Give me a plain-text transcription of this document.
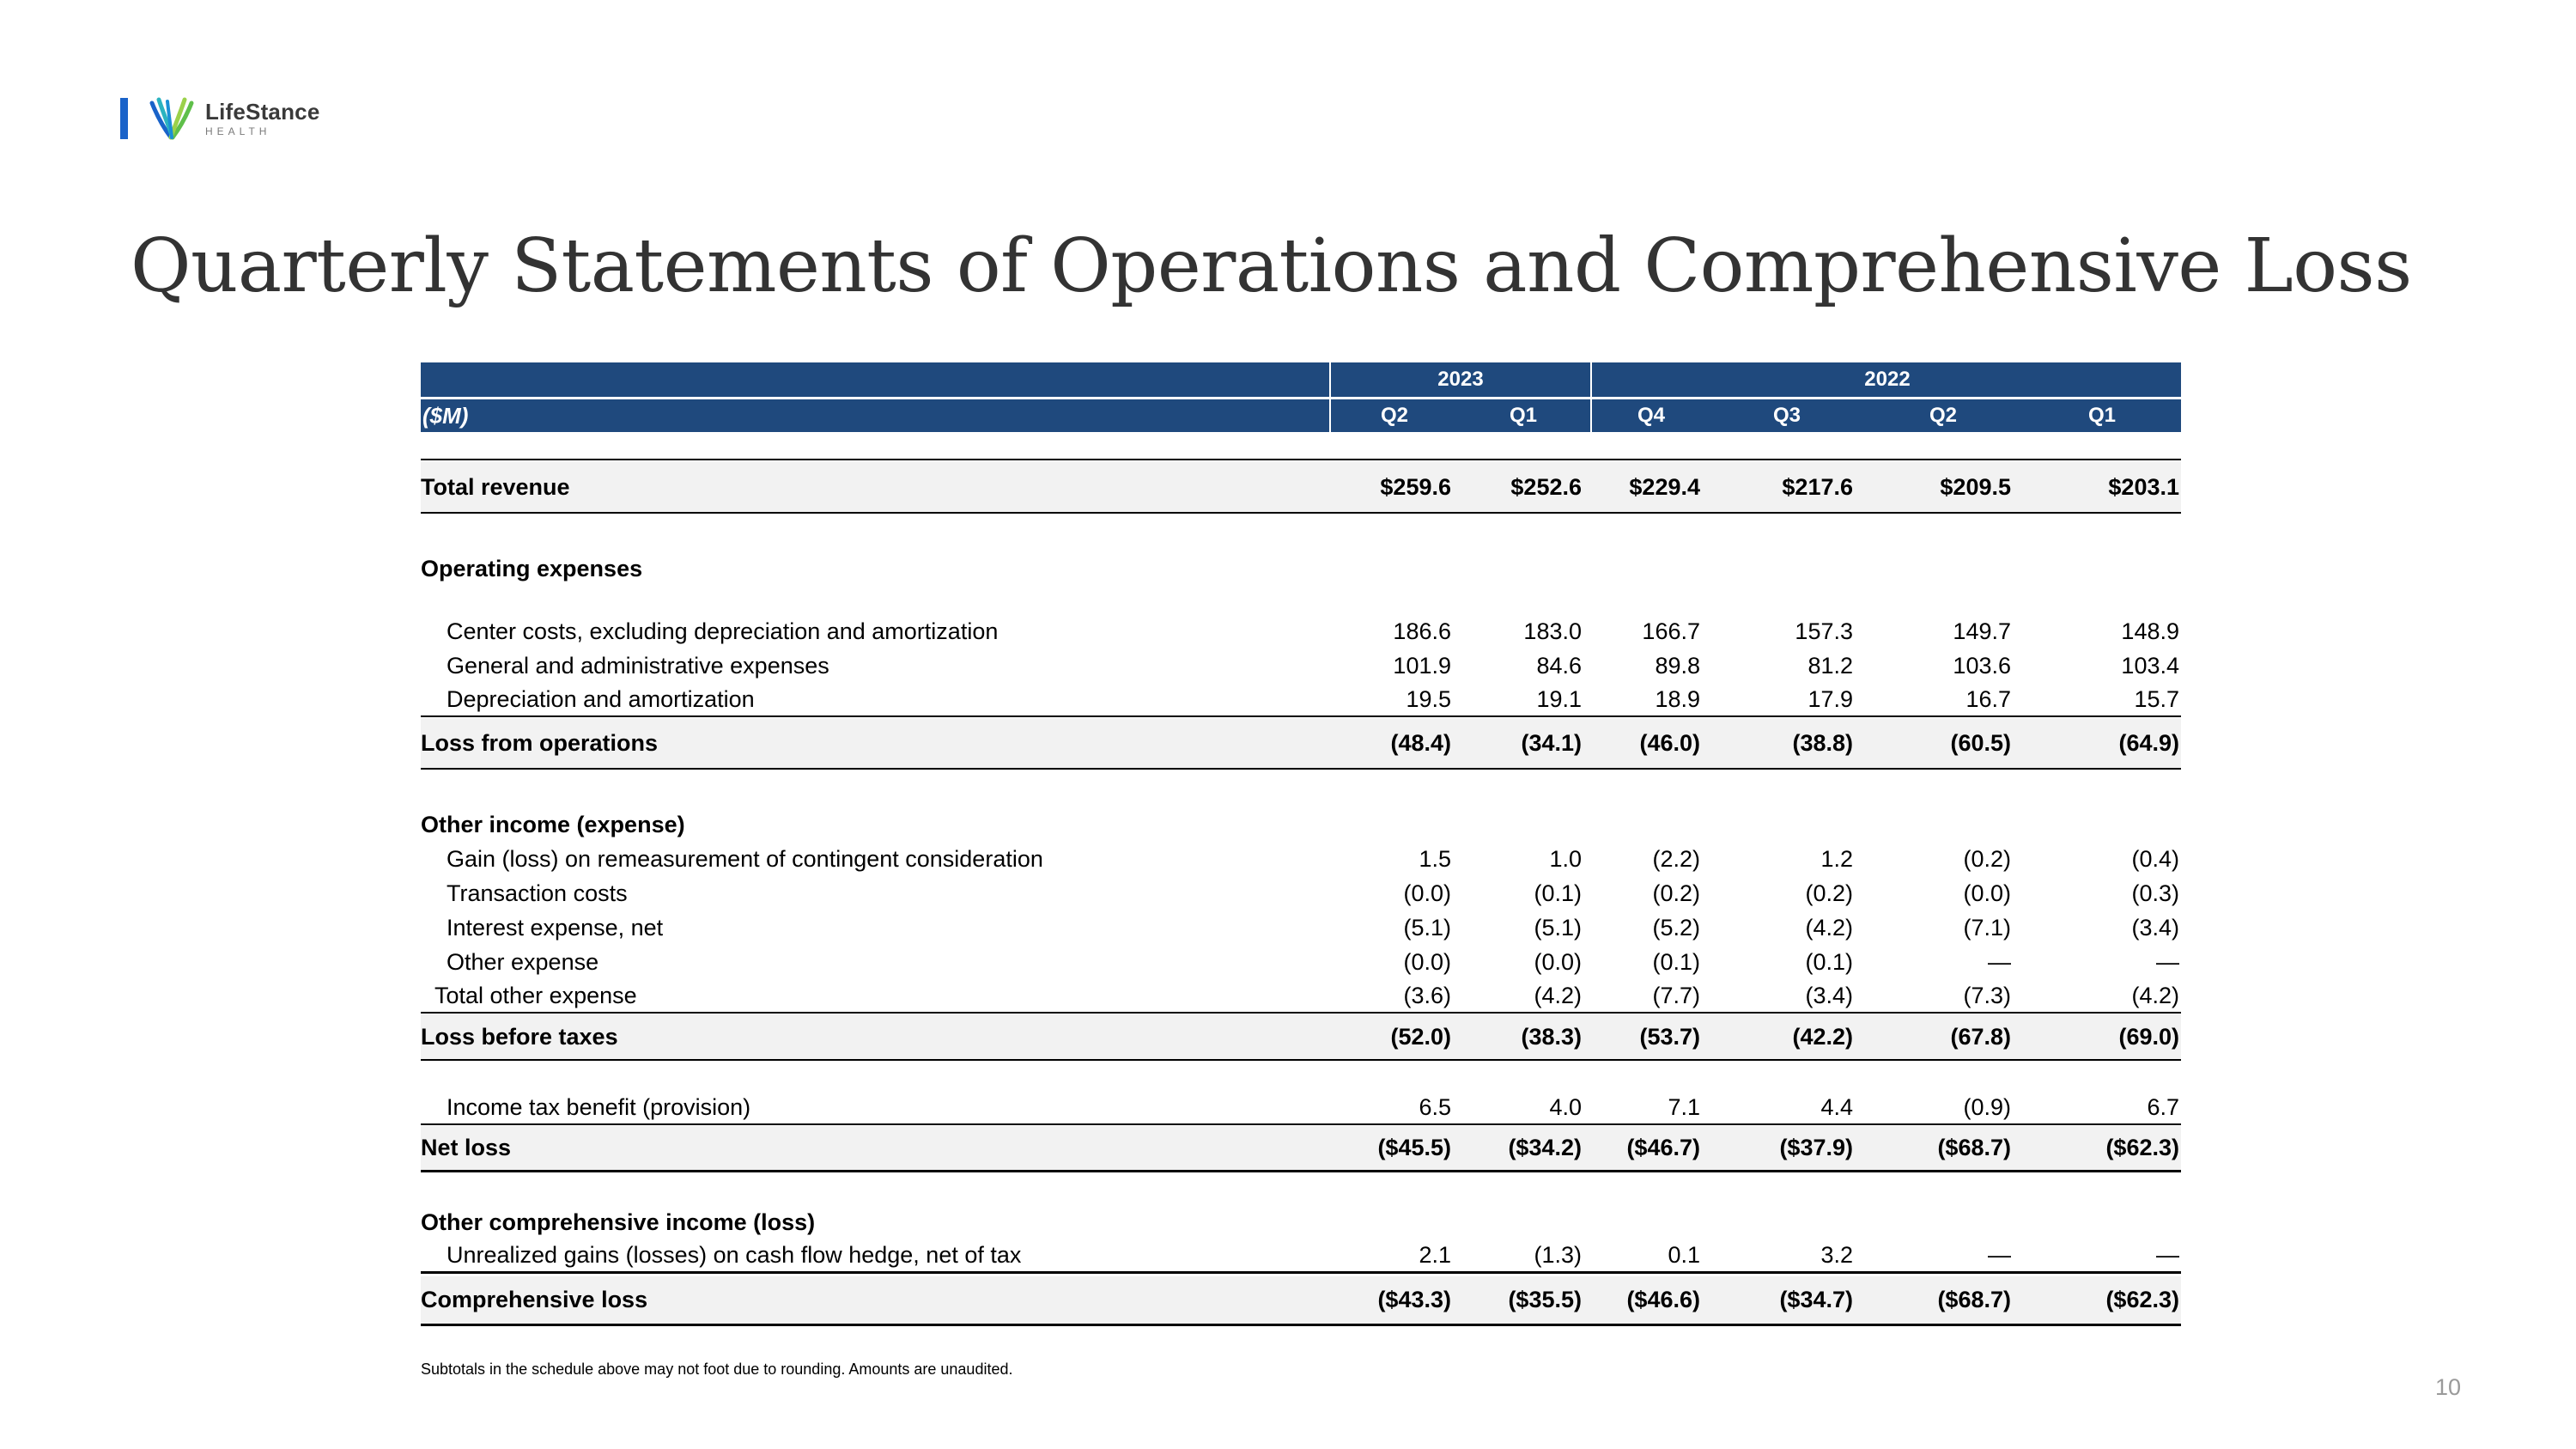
LifeStance
HEALTH
Quarterly Statements of Operations and Comprehensive Loss
2023	2022
($M)	Q2	Q1	Q4	Q3	Q2	Q1
Total revenue	$259.6	$252.6	$229.4	$217.6	$209.5	$203.1
Operating expenses
Center costs, excluding depreciation and amortization	186.6	183.0	166.7	157.3	149.7	148.9
General and administrative expenses	101.9	84.6	89.8	81.2	103.6	103.4
Depreciation and amortization	19.5	19.1	18.9	17.9	16.7	15.7
Loss from operations	(48.4)	(34.1)	(46.0)	(38.8)	(60.5)	(64.9)
Other income (expense)
Gain (loss) on remeasurement of contingent consideration	1.5	1.0	(2.2)	1.2	(0.2)	(0.4)
Transaction costs	(0.0)	(0.1)	(0.2)	(0.2)	(0.0)	(0.3)
Interest expense, net	(5.1)	(5.1)	(5.2)	(4.2)	(7.1)	(3.4)
Other expense	(0.0)	(0.0)	(0.1)	(0.1)	—	—
Total other expense	(3.6)	(4.2)	(7.7)	(3.4)	(7.3)	(4.2)
Loss before taxes	(52.0)	(38.3)	(53.7)	(42.2)	(67.8)	(69.0)
Income tax benefit (provision)	6.5	4.0	7.1	4.4	(0.9)	6.7
Net loss	($45.5)	($34.2)	($46.7)	($37.9)	($68.7)	($62.3)
Other comprehensive income (loss)
Unrealized gains (losses) on cash flow hedge, net of tax	2.1	(1.3)	0.1	3.2	—	—
Comprehensive loss	($43.3)	($35.5)	($46.6)	($34.7)	($68.7)	($62.3)
Subtotals in the schedule above may not foot due to rounding. Amounts are unaudited.
10
